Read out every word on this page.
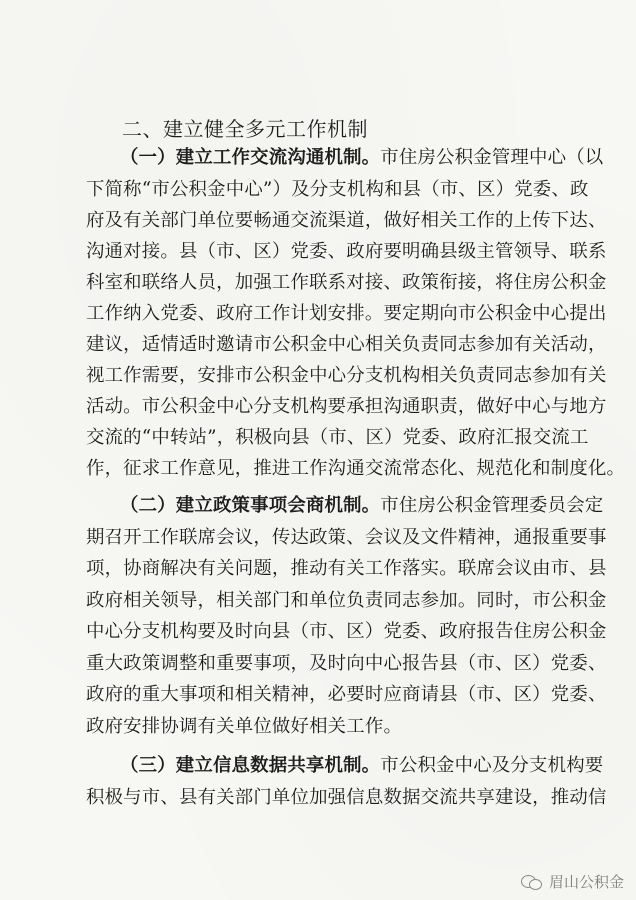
二、建立健全多元工作机制
（一）建立工作交流沟通机制。市住房公积金管理中心（以
下简称“市公积金中心”）及分支机构和县（市、区）党委、政
府及有关部门单位要畅通交流渠道，做好相关工作的上传下达、
沟通对接。县（市、区）党委、政府要明确县级主管领导、联系
科室和联络人员，加强工作联系对接、政策衔接，将住房公积金
工作纳入党委、政府工作计划安排。要定期向市公积金中心提出
建议，适情适时邀请市公积金中心相关负责同志参加有关活动，
视工作需要，安排市公积金中心分支机构相关负责同志参加有关
活动。市公积金中心分支机构要承担沟通职责，做好中心与地方
交流的“中转站”，积极向县（市、区）党委、政府汇报交流工
作，征求工作意见，推进工作沟通交流常态化、规范化和制度化。
（二）建立政策事项会商机制。市住房公积金管理委员会定
期召开工作联席会议，传达政策、会议及文件精神，通报重要事
项，协商解决有关问题，推动有关工作落实。联席会议由市、县
政府相关领导，相关部门和单位负责同志参加。同时，市公积金
中心分支机构要及时向县（市、区）党委、政府报告住房公积金
重大政策调整和重要事项，及时向中心报告县（市、区）党委、
政府的重大事项和相关精神，必要时应商请县（市、区）党委、
政府安排协调有关单位做好相关工作。
（三）建立信息数据共享机制。市公积金中心及分支机构要
积极与市、县有关部门单位加强信息数据交流共享建设，推动信
眉山公积金
